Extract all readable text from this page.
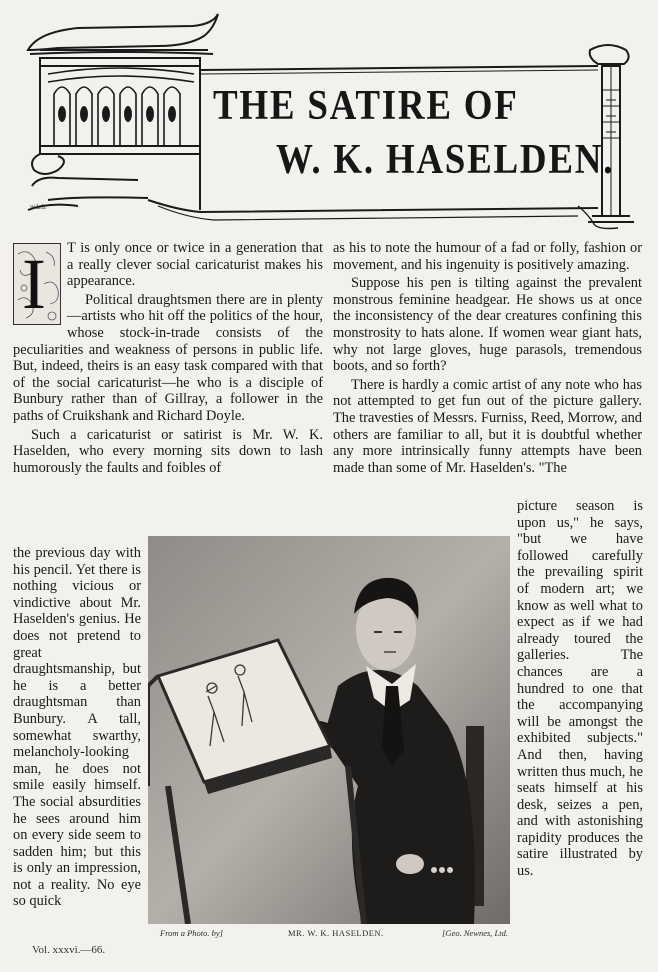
THE SATIRE OF
W. K. HASELDEN.
w.k.h
I	T is only once or twice in a generation that a really clever social caricaturist makes his appearance.

Political draughtsmen there are in plenty—artists who hit off the politics of the hour, whose stock-in-trade consists of the peculiarities and weakness of persons in public life. But, indeed, theirs is an easy task compared with that of the social caricaturist—he who is a disciple of Bunbury rather than of Gillray, a follower in the paths of Cruikshank and Richard Doyle.

Such a caricaturist or satirist is Mr. W. K. Haselden, who every morning sits down to lash humorously the faults and foibles of

as his to note the humour of a fad or folly, fashion or movement, and his ingenuity is positively amazing.

Suppose his pen is tilting against the prevalent monstrous feminine headgear. He shows us at once the inconsistency of the dear creatures confining this monstrosity to hats alone. If women wear giant hats, why not large gloves, huge parasols, tremendous boots, and so forth?

There is hardly a comic artist of any note who has not attempted to get fun out of the picture gallery. The travesties of Messrs. Furniss, Reed, Morrow, and others are familiar to all, but it is doubtful whether any more intrinsically funny attempts have been made than some of Mr. Haselden's. "The

the previous day with his pencil. Yet there is nothing vicious or vindictive about Mr. Haselden's genius. He does not pretend to great draughtsmanship, but he is a better draughtsman than Bunbury. A tall, somewhat swarthy, melancholy-looking man, he does not smile easily himself. The social absurdities he sees around him on every side seem to sadden him; but this is only an impression, not a reality. No eye so quick

picture season is upon us," he says, "but we have followed carefully the prevailing spirit of modern art; we know as well what to expect as if we had already toured the galleries. The chances are a hundred to one that the accompanying will be amongst the exhibited subjects." And then, having written thus much, he seats himself at his desk, seizes a pen, and with astonishing rapidity produces the satire illustrated by us.

From a Photo. by]	MR. W. K. HASELDEN.	[Geo. Newnes, Ltd.
Vol. xxxvi.—66.
